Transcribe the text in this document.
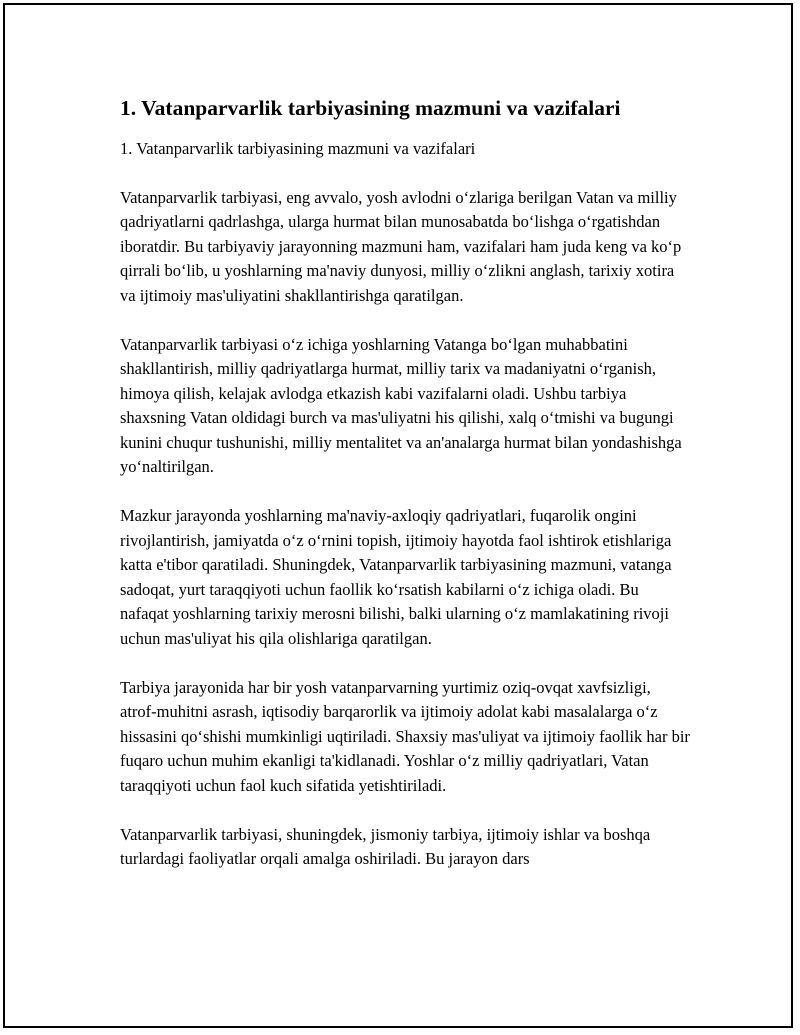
1. Vatanparvarlik tarbiyasining mazmuni va vazifalari

1. Vatanparvarlik tarbiyasining mazmuni va vazifalari

Vatanparvarlik tarbiyasi, eng avvalo, yosh avlodni o‘zlariga berilgan Vatan va milliy qadriyatlarni qadrlashga, ularga hurmat bilan munosabatda bo‘lishga o‘rgatishdan iboratdir. Bu tarbiyaviy jarayonning mazmuni ham, vazifalari ham juda keng va ko‘p qirrali bo‘lib, u yoshlarning ma'naviy dunyosi, milliy o‘zlikni anglash, tarixiy xotira va ijtimoiy mas'uliyatini shakllantirishga qaratilgan.

Vatanparvarlik tarbiyasi o‘z ichiga yoshlarning Vatanga bo‘lgan muhabbatini shakllantirish, milliy qadriyatlarga hurmat, milliy tarix va madaniyatni o‘rganish, himoya qilish, kelajak avlodga etkazish kabi vazifalarni oladi. Ushbu tarbiya shaxsning Vatan oldidagi burch va mas'uliyatni his qilishi, xalq o‘tmishi va bugungi kunini chuqur tushunishi, milliy mentalitet va an'analarga hurmat bilan yondashishga yo‘naltirilgan.

Mazkur jarayonda yoshlarning ma'naviy-axloqiy qadriyatlari, fuqarolik ongini rivojlantirish, jamiyatda o‘z o‘rnini topish, ijtimoiy hayotda faol ishtirok etishlariga katta e'tibor qaratiladi. Shuningdek, Vatanparvarlik tarbiyasining mazmuni, vatanga sadoqat, yurt taraqqiyoti uchun faollik ko‘rsatish kabilarni o‘z ichiga oladi. Bu nafaqat yoshlarning tarixiy merosni bilishi, balki ularning o‘z mamlakatining rivoji uchun mas'uliyat his qila olishlariga qaratilgan.

Tarbiya jarayonida har bir yosh vatanparvarning yurtimiz oziq-ovqat xavfsizligi, atrof-muhitni asrash, iqtisodiy barqarorlik va ijtimoiy adolat kabi masalalarga o‘z hissasini qo‘shishi mumkinligi uqtiriladi. Shaxsiy mas'uliyat va ijtimoiy faollik har bir fuqaro uchun muhim ekanligi ta'kidlanadi. Yoshlar o‘z milliy qadriyatlari, Vatan taraqqiyoti uchun faol kuch sifatida yetishtiriladi.

Vatanparvarlik tarbiyasi, shuningdek, jismoniy tarbiya, ijtimoiy ishlar va boshqa turlardagi faoliyatlar orqali amalga oshiriladi. Bu jarayon dars
